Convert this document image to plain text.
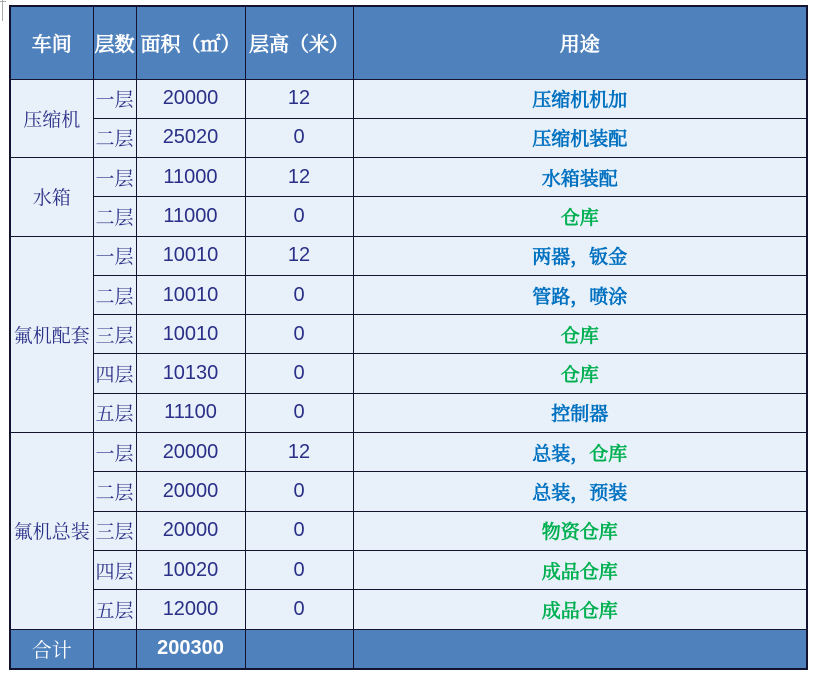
车间	层数	面积（㎡）	层高（米）	用途
压缩机	一层	20000	12	压缩机机加
	二层	25020	0	压缩机装配
水箱	一层	11000	12	水箱装配
	二层	11000	0	仓库
氟机配套	一层	10010	12	两器，钣金
	二层	10010	0	管路，喷涂
	三层	10010	0	仓库
	四层	10130	0	仓库
	五层	11100	0	控制器
氟机总装	一层	20000	12	总装，仓库
	二层	20000	0	总装，预装
	三层	20000	0	物资仓库
	四层	10020	0	成品仓库
	五层	12000	0	成品仓库
合计		200300		
